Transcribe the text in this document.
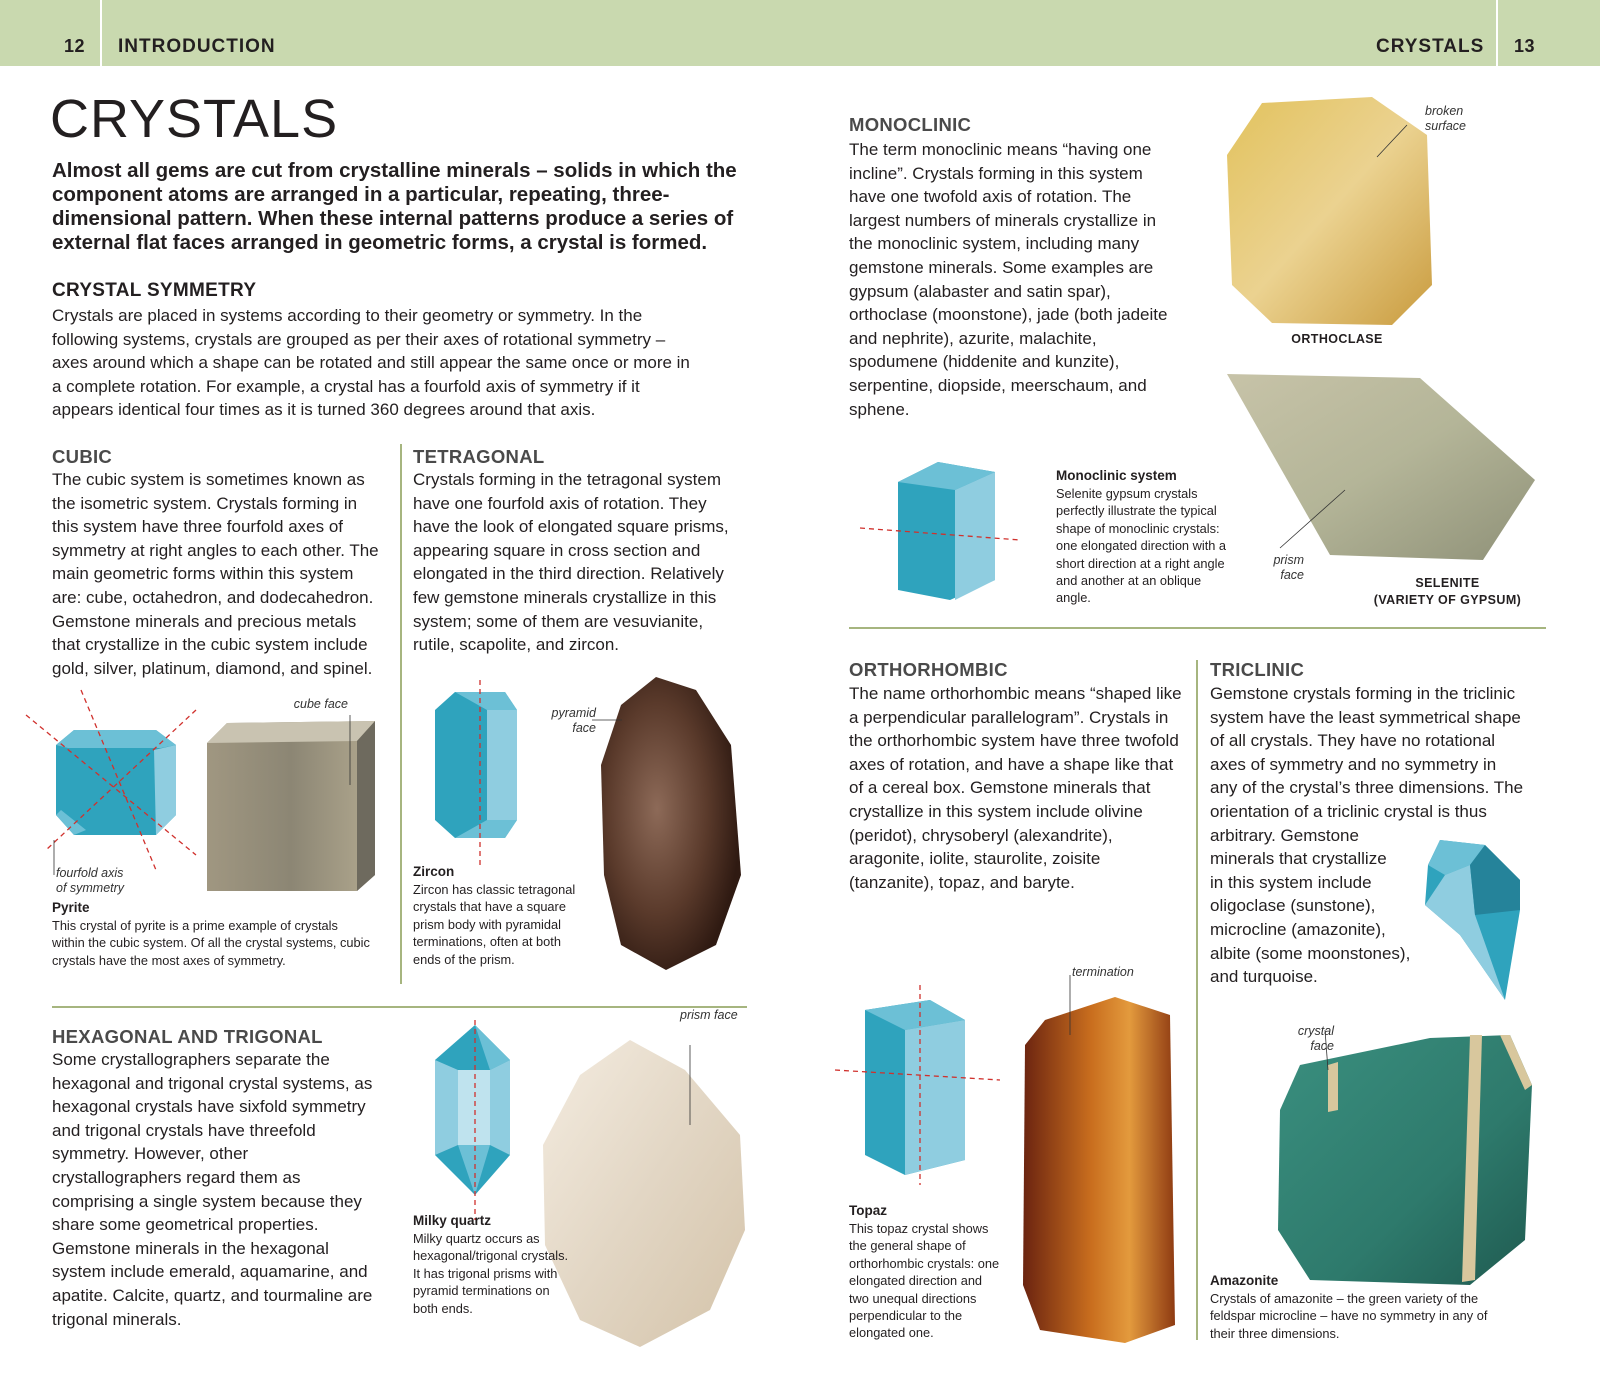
12 INTRODUCTION	CRYSTALS 13
CRYSTALS
Almost all gems are cut from crystalline minerals – solids in which the component atoms are arranged in a particular, repeating, three-dimensional pattern. When these internal patterns produce a series of external flat faces arranged in geometric forms, a crystal is formed.
CRYSTAL SYMMETRY
Crystals are placed in systems according to their geometry or symmetry. In the following systems, crystals are grouped as per their axes of rotational symmetry – axes around which a shape can be rotated and still appear the same once or more in a complete rotation. For example, a crystal has a fourfold axis of symmetry if it appears identical four times as it is turned 360 degrees around that axis.
CUBIC
The cubic system is sometimes known as the isometric system. Crystals forming in this system have three fourfold axes of symmetry at right angles to each other. The main geometric forms within this system are: cube, octahedron, and dodecahedron. Gemstone minerals and precious metals that crystallize in the cubic system include gold, silver, platinum, diamond, and spinel.
TETRAGONAL
Crystals forming in the tetragonal system have one fourfold axis of rotation. They have the look of elongated square prisms, appearing square in cross section and elongated in the third direction. Relatively few gemstone minerals crystallize in this system; some of them are vesuvianite, rutile, scapolite, and zircon.
fourfold axis of symmetry
cube face
Pyrite
This crystal of pyrite is a prime example of crystals within the cubic system. Of all the crystal systems, cubic crystals have the most axes of symmetry.
pyramid face
Zircon
Zircon has classic tetragonal crystals that have a square prism body with pyramidal terminations, often at both ends of the prism.
HEXAGONAL AND TRIGONAL
Some crystallographers separate the hexagonal and trigonal crystal systems, as hexagonal crystals have sixfold symmetry and trigonal crystals have threefold symmetry. However, other crystallographers regard them as comprising a single system because they share some geometrical properties. Gemstone minerals in the hexagonal system include emerald, aquamarine, and apatite. Calcite, quartz, and tourmaline are trigonal minerals.
prism face
Milky quartz
Milky quartz occurs as hexagonal/trigonal crystals. It has trigonal prisms with pyramid terminations on both ends.
MONOCLINIC
The term monoclinic means “having one incline”. Crystals forming in this system have one twofold axis of rotation. The largest numbers of minerals crystallize in the monoclinic system, including many gemstone minerals. Some examples are gypsum (alabaster and satin spar), orthoclase (moonstone), jade (both jadeite and nephrite), azurite, malachite, spodumene (hiddenite and kunzite), serpentine, diopside, meerschaum, and sphene.
broken surface
ORTHOCLASE
Monoclinic system
Selenite gypsum crystals perfectly illustrate the typical shape of monoclinic crystals: one elongated direction with a short direction at a right angle and another at an oblique angle.
prism face
SELENITE
(VARIETY OF GYPSUM)
ORTHORHOMBIC
The name orthorhombic means “shaped like a perpendicular parallelogram”. Crystals in the orthorhombic system have three twofold axes of rotation, and have a shape like that of a cereal box. Gemstone minerals that crystallize in this system include olivine (peridot), chrysoberyl (alexandrite), aragonite, iolite, staurolite, zoisite (tanzanite), topaz, and baryte.
termination
Topaz
This topaz crystal shows the general shape of orthorhombic crystals: one elongated direction and two unequal directions perpendicular to the elongated one.
TRICLINIC
Gemstone crystals forming in the triclinic
system have the least symmetrical shape
of all crystals. They have no rotational
axes of symmetry and no symmetry in
any of the crystal’s three dimensions. The
orientation of a triclinic crystal is thus
arbitrary. Gemstone
minerals that crystallize
in this system include
oligoclase (sunstone),
microcline (amazonite),
albite (some moonstones),
and turquoise.
crystal face
Amazonite
Crystals of amazonite – the green variety of the feldspar microcline – have no symmetry in any of their three dimensions.
